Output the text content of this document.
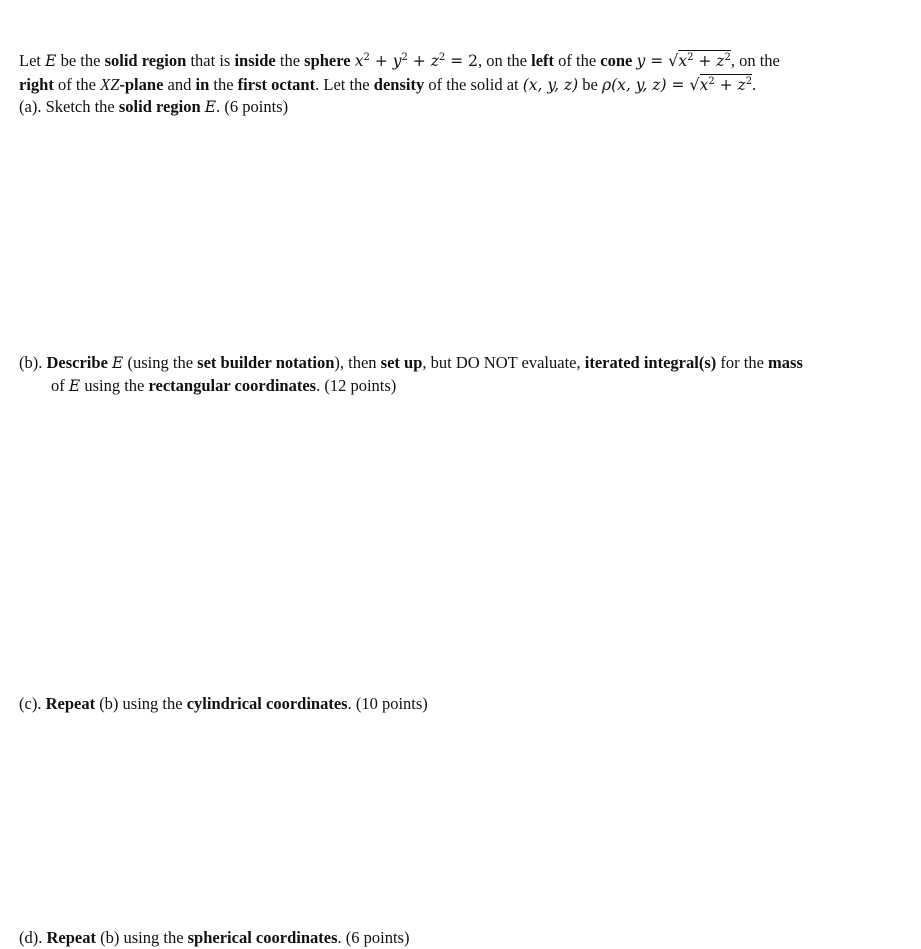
Let E be the solid region that is inside the sphere $x^2 + y^2 + z^2 = 2$, on the left of the cone $y = √x^2 + z^2$, on the
right of the XZ-plane and in the first octant. Let the density of the solid at (x, y, z) be ρ(x, y, $z) = √x^2 + z^2$.
(a). Sketch the solid region E. (6 points)
(b). Describe E (using the set builder notation), then set up, but DO NOT evaluate, iterated integral(s) for the mass
of E using the rectangular coordinates. (12 points)
(c). Repeat (b) using the cylindrical coordinates. (10 points)
(d). Repeat (b) using the spherical coordinates. (6 points)
